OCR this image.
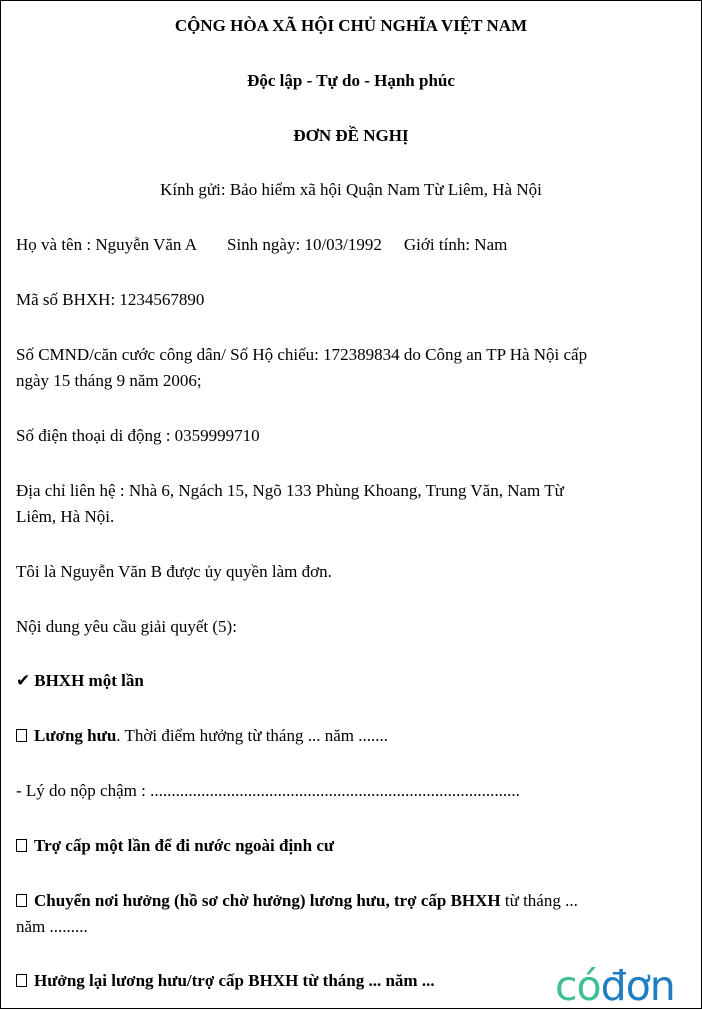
CỘNG HÒA XÃ HỘI CHỦ NGHĨA VIỆT NAM
Độc lập - Tự do - Hạnh phúc
ĐƠN ĐỀ NGHỊ
Kính gửi: Bảo hiểm xã hội Quận Nam Từ Liêm, Hà Nội
Họ và tên : Nguyễn Văn A Sinh ngày: 10/03/1992 Giới tính: Nam
Mã số BHXH: 1234567890
Số CMND/căn cước công dân/ Số Hộ chiếu: 172389834 do Công an TP Hà Nội cấp
ngày 15 tháng 9 năm 2006;
Số điện thoại di động : 0359999710
Địa chỉ liên hệ : Nhà 6, Ngách 15, Ngõ 133 Phùng Khoang, Trung Văn, Nam Từ
Liêm, Hà Nội.
Tôi là Nguyễn Văn B được ủy quyền làm đơn.
Nội dung yêu cầu giải quyết (5):
✔ BHXH một lần
Lương hưu. Thời điểm hưởng từ tháng ... năm .......
- Lý do nộp chậm : .......................................................................................
Trợ cấp một lần để đi nước ngoài định cư
Chuyển nơi hưởng (hồ sơ chờ hưởng) lương hưu, trợ cấp BHXH từ tháng ...
năm .........
Hưởng lại lương hưu/trợ cấp BHXH từ tháng ... năm ...	cóđơn
